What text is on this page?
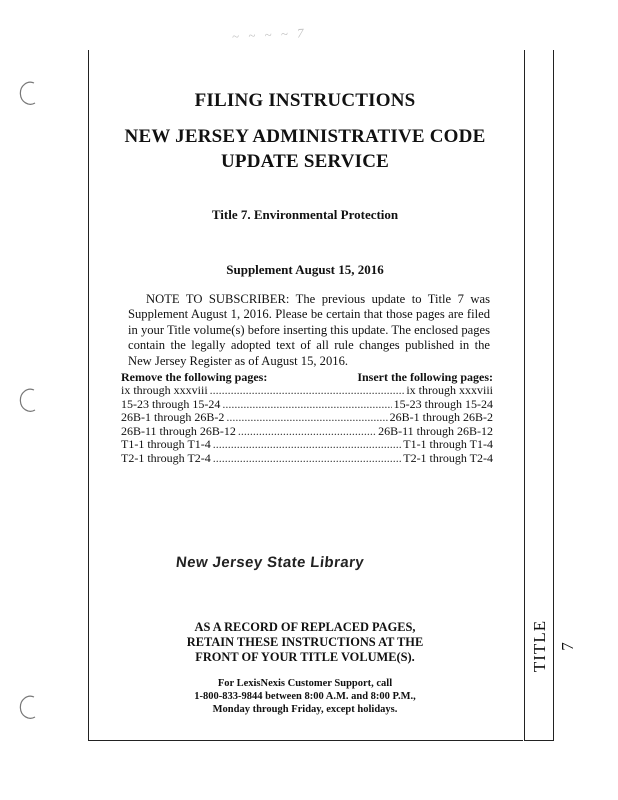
~ ~ ~ ~ 7
TITLE 7
FILING INSTRUCTIONS
NEW JERSEY ADMINISTRATIVE CODE
UPDATE SERVICE
Title 7. Environmental Protection
Supplement August 15, 2016
NOTE TO SUBSCRIBER: The previous update to Title 7 was Supplement August 1, 2016. Please be certain that those pages are filed in your Title volume(s) before inserting this update. The enclosed pages contain the legally adopted text of all rule changes published in the New Jersey Register as of August 15, 2016.
Remove the following pages:	Insert the following pages:
ix through xxxviii .....	ix through xxxviii
15-23 through 15-24 .....	15-23 through 15-24
26B-1 through 26B-2 .....	26B-1 through 26B-2
26B-11 through 26B-12 .....	26B-11 through 26B-12
T1-1 through T1-4 .....	T1-1 through T1-4
T2-1 through T2-4 .....	T2-1 through T2-4
New Jersey State Library
AS A RECORD OF REPLACED PAGES,
RETAIN THESE INSTRUCTIONS AT THE
FRONT OF YOUR TITLE VOLUME(S).
For LexisNexis Customer Support, call
1-800-833-9844 between 8:00 A.M. and 8:00 P.M.,
Monday through Friday, except holidays.
